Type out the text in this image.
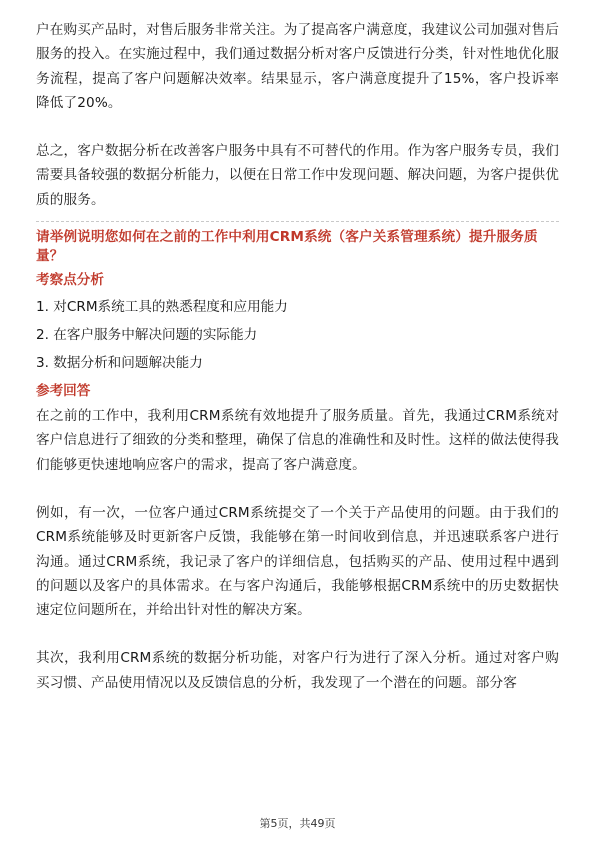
户在购买产品时，对售后服务非常关注。为了提高客户满意度，我建议公司加强对售后服务的投入。在实施过程中，我们通过数据分析对客户反馈进行分类，针对性地优化服务流程，提高了客户问题解决效率。结果显示，客户满意度提升了15%，客户投诉率降低了20%。

总之，客户数据分析在改善客户服务中具有不可替代的作用。作为客户服务专员，我们需要具备较强的数据分析能力，以便在日常工作中发现问题、解决问题，为客户提供优质的服务。

请举例说明您如何在之前的工作中利用CRM系统（客户关系管理系统）提升服务质量？

考察点分析

1. 对CRM系统工具的熟悉程度和应用能力

2. 在客户服务中解决问题的实际能力

3. 数据分析和问题解决能力

参考回答

在之前的工作中，我利用CRM系统有效地提升了服务质量。首先，我通过CRM系统对客户信息进行了细致的分类和整理，确保了信息的准确性和及时性。这样的做法使得我们能够更快速地响应客户的需求，提高了客户满意度。

例如，有一次，一位客户通过CRM系统提交了一个关于产品使用的问题。由于我们的CRM系统能够及时更新客户反馈，我能够在第一时间收到信息，并迅速联系客户进行沟通。通过CRM系统，我记录了客户的详细信息，包括购买的产品、使用过程中遇到的问题以及客户的具体需求。在与客户沟通后，我能够根据CRM系统中的历史数据快速定位问题所在，并给出针对性的解决方案。

其次，我利用CRM系统的数据分析功能，对客户行为进行了深入分析。通过对客户购买习惯、产品使用情况以及反馈信息的分析，我发现了一个潜在的问题。部分客

第5页，共49页
